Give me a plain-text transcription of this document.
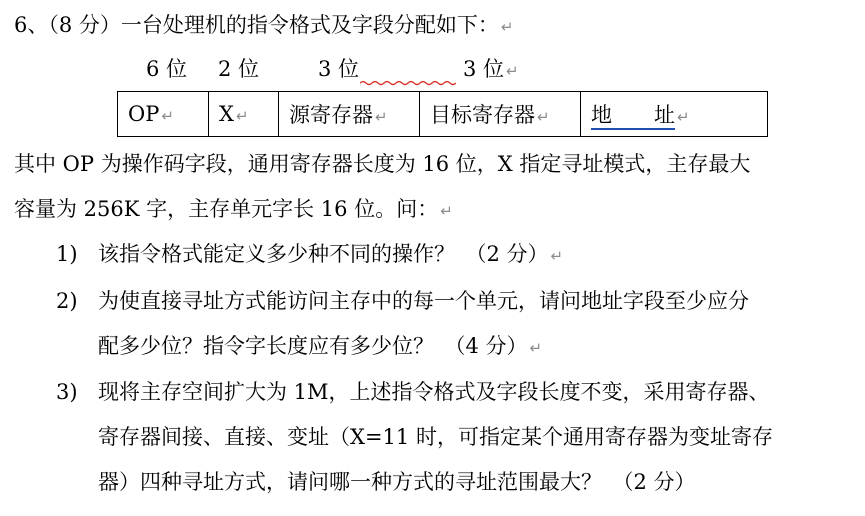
6、（8 分）一台处理机的指令格式及字段分配如下： ↵
6 位 2 位	3 位	3 位 ↵
OP ↵	X ↵	源寄存器 ↵	目标寄存器 ↵	地　　址 ↵
其中 OP 为操作码字段，通用寄存器长度为 16 位，X 指定寻址模式，主存最大
容量为 256K 字，主存单元字长 16 位。问： ↵
1) 该指令格式能定义多少种不同的操作？　（2 分） ↵
2) 为使直接寻址方式能访问主存中的每一个单元，请问地址字段至少应分
配多少位？指令字长度应有多少位？　（4 分） ↵
3) 现将主存空间扩大为 1M，上述指令格式及字段长度不变，采用寄存器、
寄存器间接、直接、变址（X=11 时，可指定某个通用寄存器为变址寄存
器）四种寻址方式，请问哪一种方式的寻址范围最大？　（2 分）
